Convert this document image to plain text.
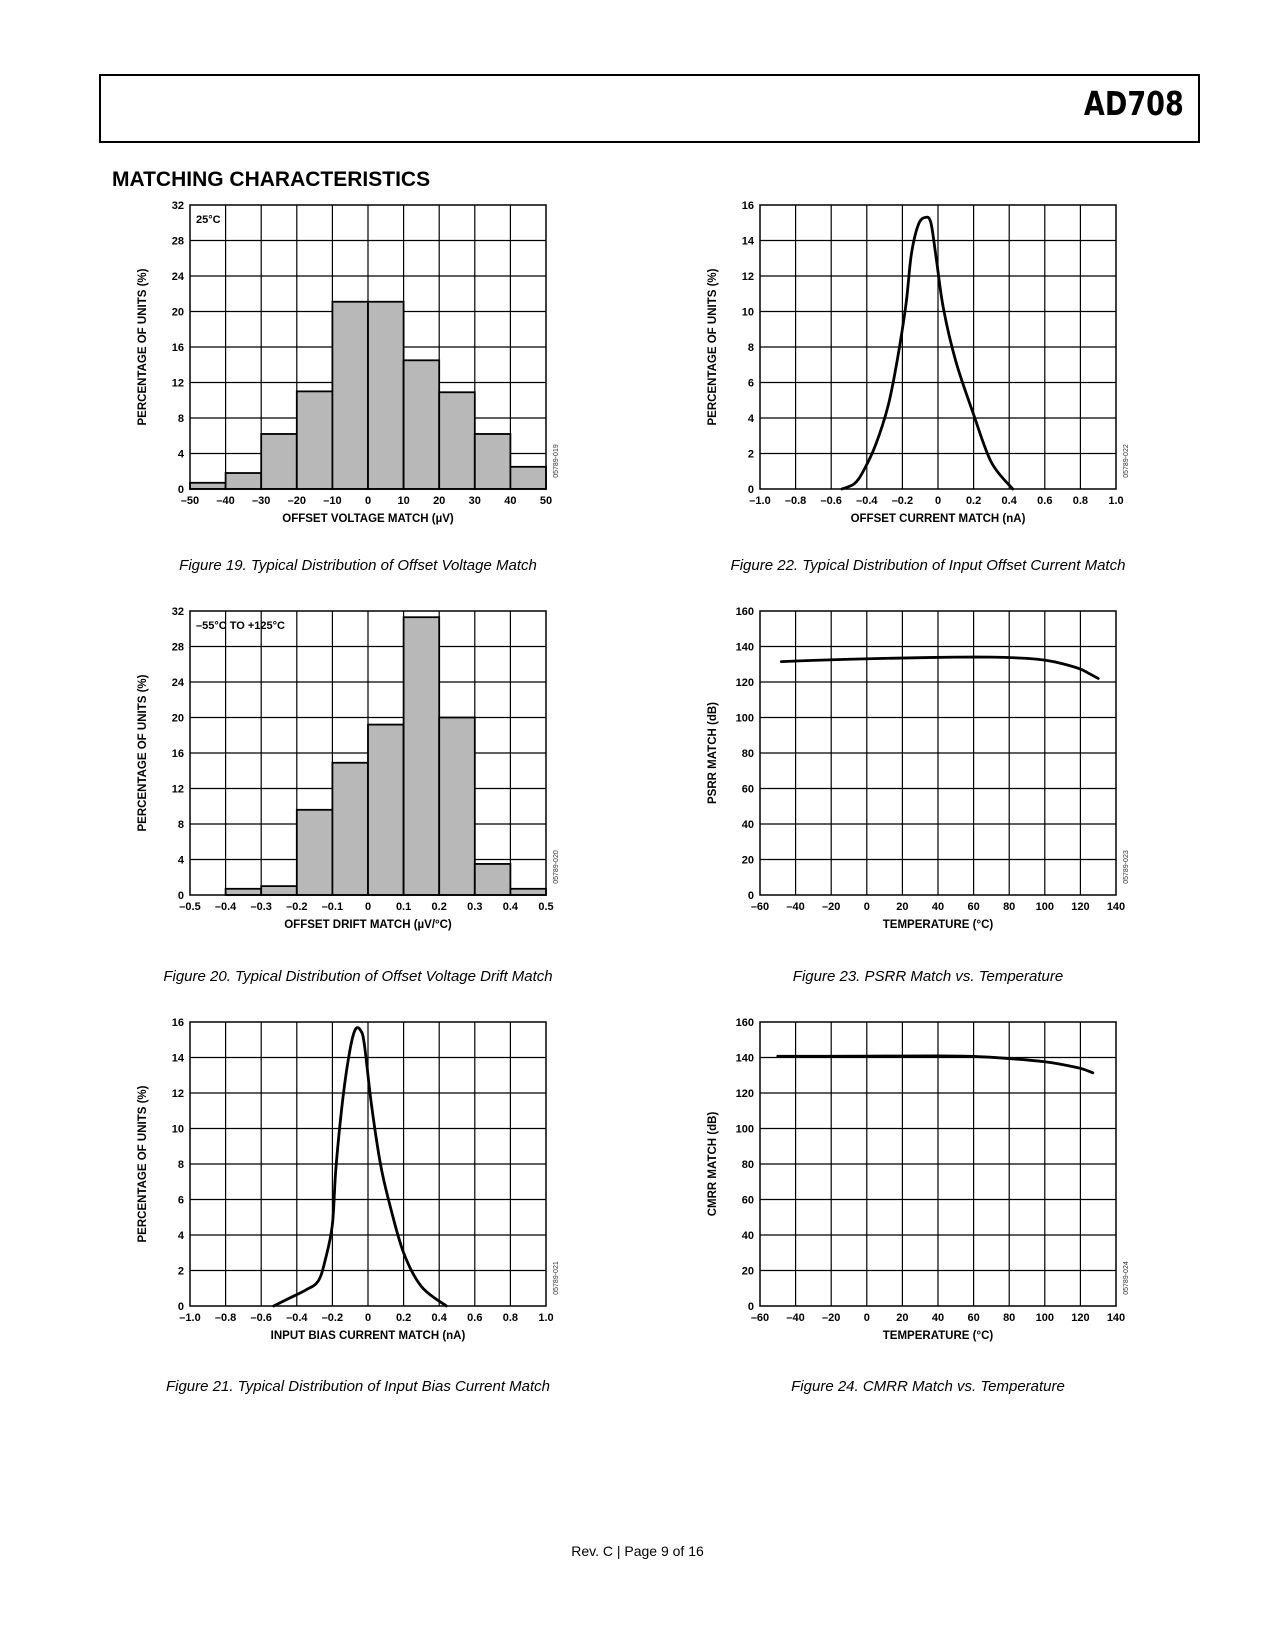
AD708
MATCHING CHARACTERISTICS
–50 –40 –30 –20 –10 0 10 20 30 40 50
0
4
8
12
16
20
24
28
32
OFFSET VOLTAGE MATCH (µV)
PERCENTAGE OF UNITS (%)
25°C
05789-019

Figure 19. Typical Distribution of Offset Voltage Match

–1.0 –0.8 –0.6 –0.4 –0.2 0 0.2 0.4 0.6 0.8 1.0
0
2
4
6
8
10
12
14
16
OFFSET CURRENT MATCH (nA)
PERCENTAGE OF UNITS (%)
05789-022

Figure 22. Typical Distribution of Input Offset Current Match

–0.5 –0.4 –0.3 –0.2 –0.1 0 0.1 0.2 0.3 0.4 0.5
0
4
8
12
16
20
24
28
32
OFFSET DRIFT MATCH (µV/°C)
PERCENTAGE OF UNITS (%)
–55°C TO +125°C
05789-020

Figure 20. Typical Distribution of Offset Voltage Drift Match

–60 –40 –20 0 20 40 60 80 100 120 140
0
20
40
60
80
100
120
140
160
TEMPERATURE (°C)
PSRR MATCH (dB)
05789-023

Figure 23. PSRR Match vs. Temperature

–1.0 –0.8 –0.6 –0.4 –0.2 0 0.2 0.4 0.6 0.8 1.0
0
2
4
6
8
10
12
14
16
INPUT BIAS CURRENT MATCH (nA)
PERCENTAGE OF UNITS (%)
05789-021

Figure 21. Typical Distribution of Input Bias Current Match

–60 –40 –20 0 20 40 60 80 100 120 140
0
20
40
60
80
100
120
140
160
TEMPERATURE (°C)
CMRR MATCH (dB)
05789-024

Figure 24. CMRR Match vs. Temperature

Rev. C | Page 9 of 16
